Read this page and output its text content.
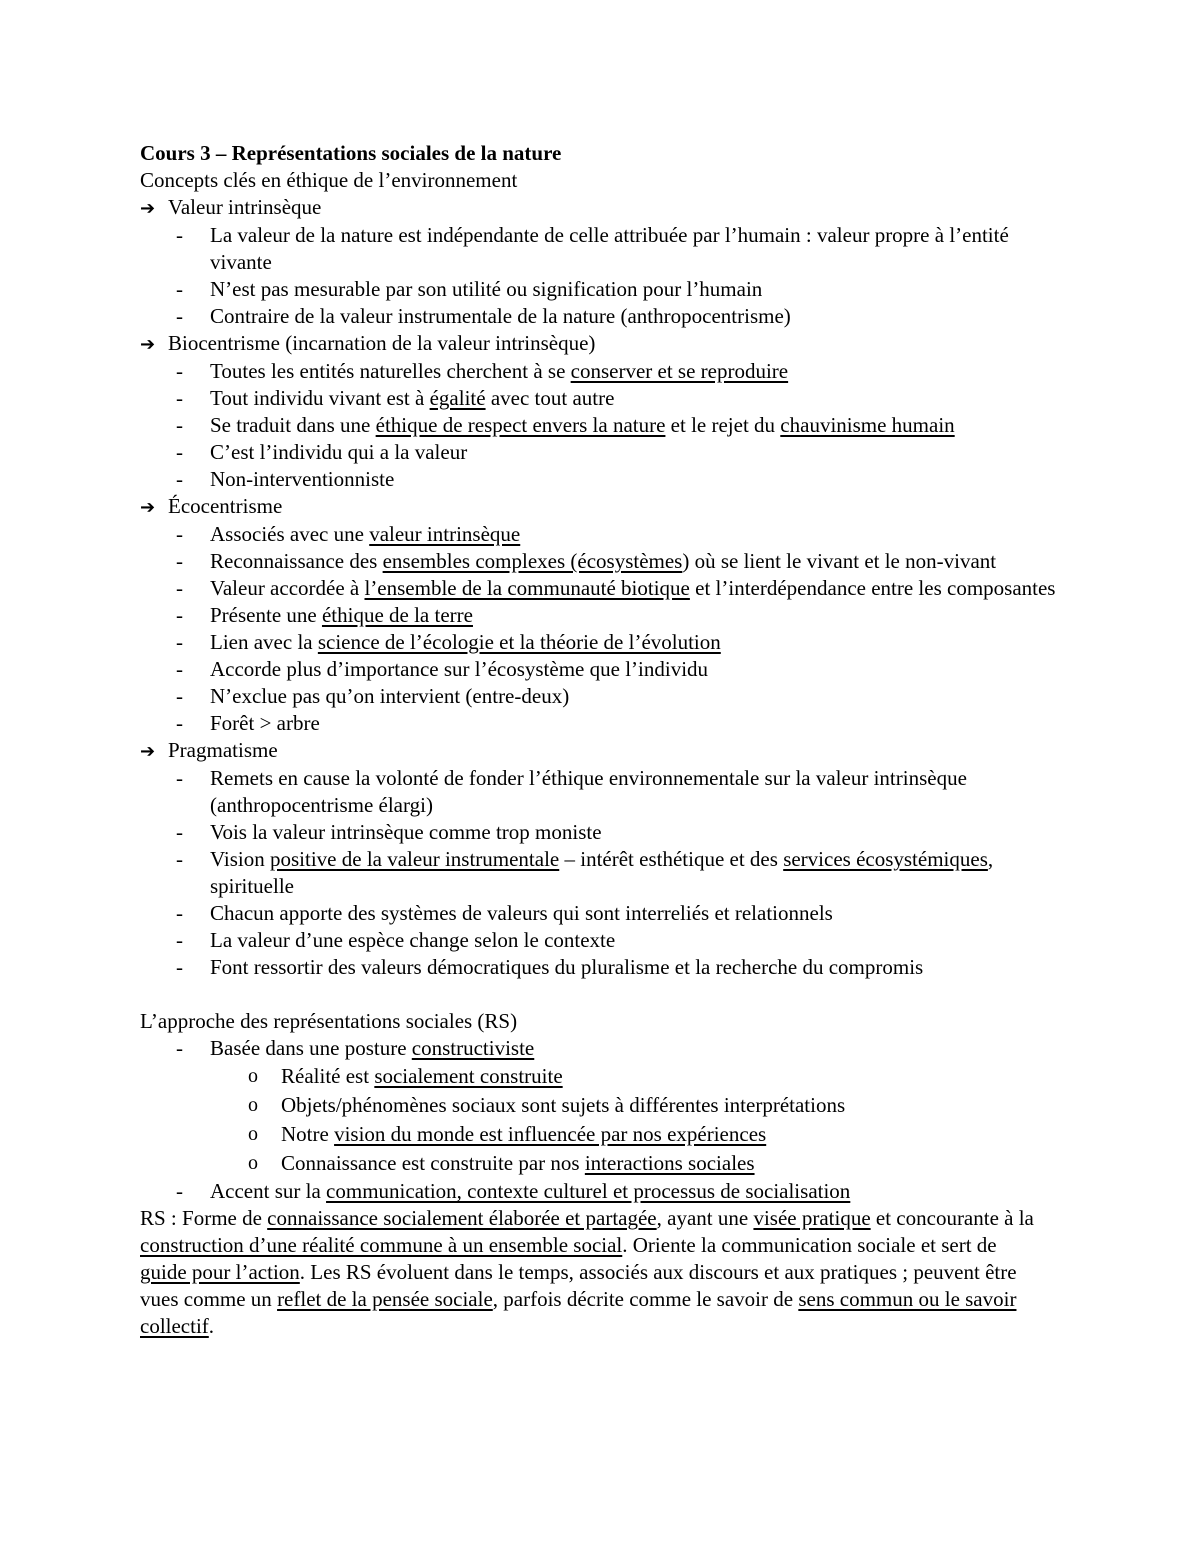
Cours 3 – Représentations sociales de la nature
Concepts clés en éthique de l’environnement
➔ Valeur intrinsèque
- La valeur de la nature est indépendante de celle attribuée par l’humain : valeur propre à l’entité vivante
- N’est pas mesurable par son utilité ou signification pour l’humain
- Contraire de la valeur instrumentale de la nature (anthropocentrisme)
➔ Biocentrisme (incarnation de la valeur intrinsèque)
- Toutes les entités naturelles cherchent à se conserver et se reproduire
- Tout individu vivant est à égalité avec tout autre
- Se traduit dans une éthique de respect envers la nature et le rejet du chauvinisme humain
- C’est l’individu qui a la valeur
- Non-interventionniste
➔ Écocentrisme
- Associés avec une valeur intrinsèque
- Reconnaissance des ensembles complexes (écosystèmes) où se lient le vivant et le non-vivant
- Valeur accordée à l’ensemble de la communauté biotique et l’interdépendance entre les composantes
- Présente une éthique de la terre
- Lien avec la science de l’écologie et la théorie de l’évolution
- Accorde plus d’importance sur l’écosystème que l’individu
- N’exclue pas qu’on intervient (entre-deux)
- Forêt > arbre
➔ Pragmatisme
- Remets en cause la volonté de fonder l’éthique environnementale sur la valeur intrinsèque (anthropocentrisme élargi)
- Vois la valeur intrinsèque comme trop moniste
- Vision positive de la valeur instrumentale – intérêt esthétique et des services écosystémiques, spirituelle
- Chacun apporte des systèmes de valeurs qui sont interreliés et relationnels
- La valeur d’une espèce change selon le contexte
- Font ressortir des valeurs démocratiques du pluralisme et la recherche du compromis
L’approche des représentations sociales (RS)
- Basée dans une posture constructiviste
o Réalité est socialement construite
o Objets/phénomènes sociaux sont sujets à différentes interprétations
o Notre vision du monde est influencée par nos expériences
o Connaissance est construite par nos interactions sociales
- Accent sur la communication, contexte culturel et processus de socialisation
RS : Forme de connaissance socialement élaborée et partagée, ayant une visée pratique et concourante à la construction d’une réalité commune à un ensemble social. Oriente la communication sociale et sert de guide pour l’action. Les RS évoluent dans le temps, associés aux discours et aux pratiques ; peuvent être vues comme un reflet de la pensée sociale, parfois décrite comme le savoir de sens commun ou le savoir collectif.
